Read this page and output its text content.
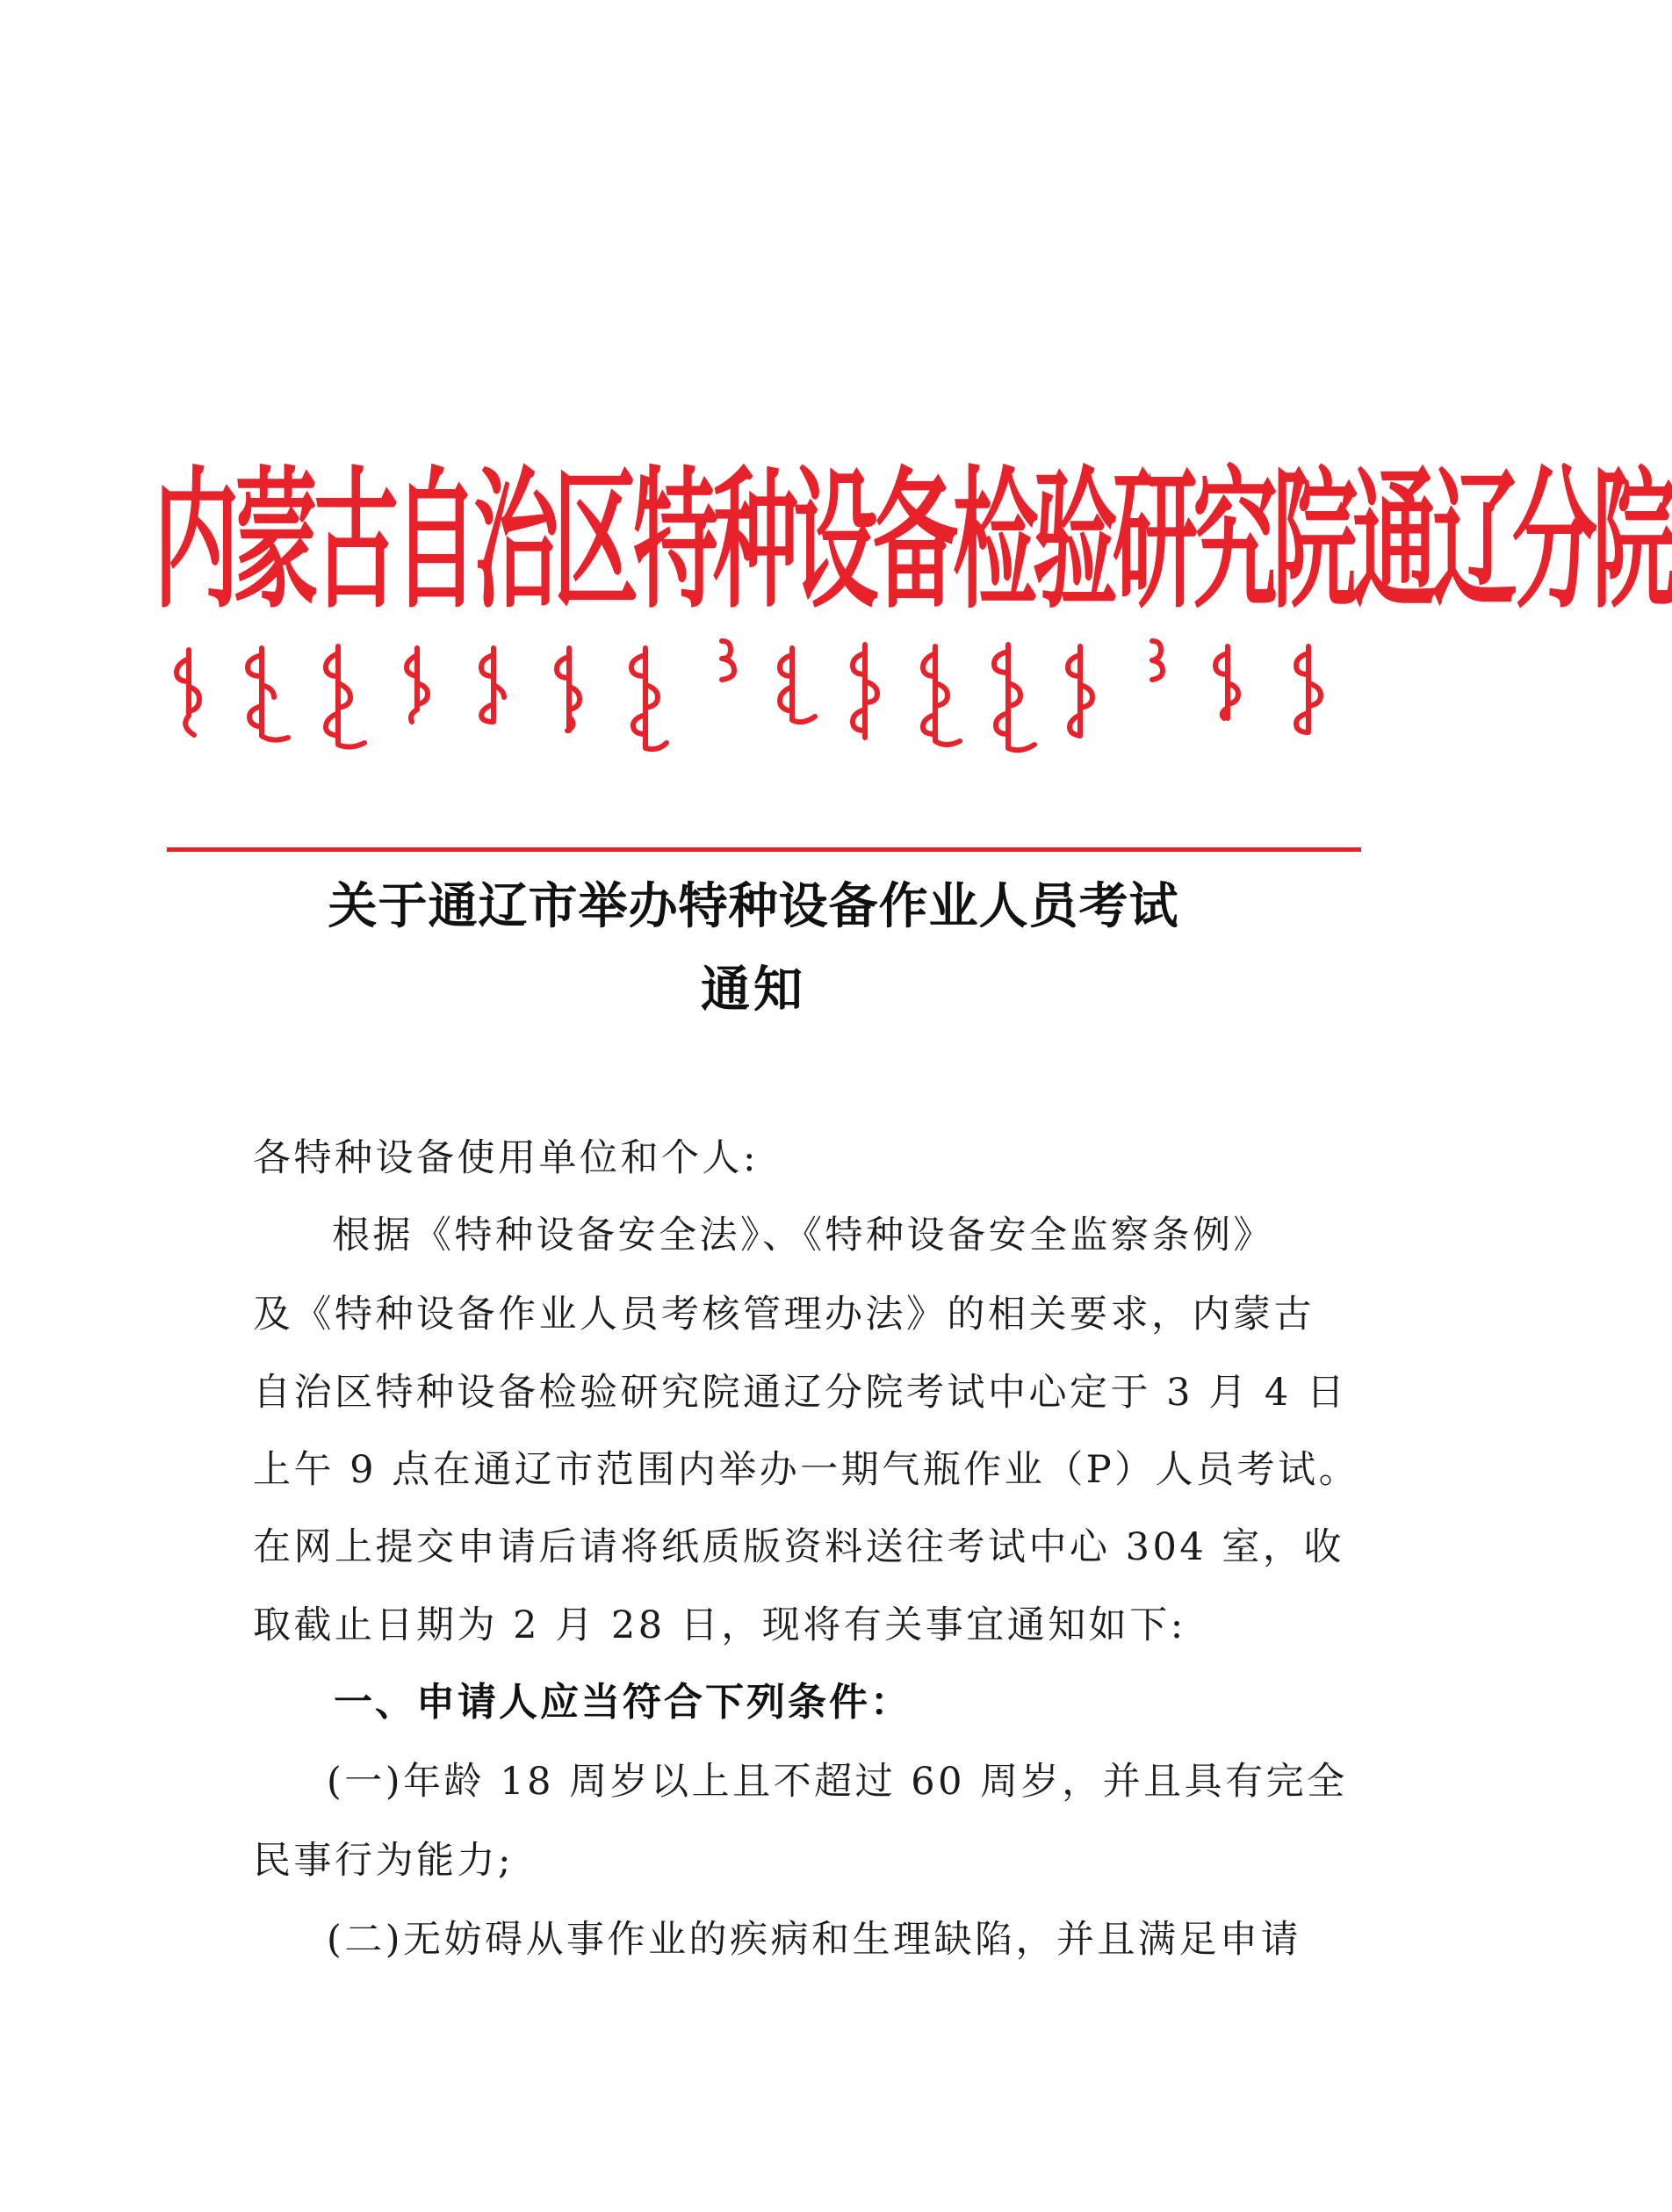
内蒙古自治区特种设备检验研究院通辽分院
关于通辽市举办特种设备作业人员考试
通知
各特种设备使用单位和个人:
根据《特种设备安全法》、《特种设备安全监察条例》
及《特种设备作业人员考核管理办法》的相关要求，内蒙古
自治区特种设备检验研究院通辽分院考试中心定于 3 月 4 日
上午 9 点在通辽市范围内举办一期气瓶作业（P）人员考试。
在网上提交申请后请将纸质版资料送往考试中心 304 室，收
取截止日期为 2 月 28 日，现将有关事宜通知如下:
一、申请人应当符合下列条件：
(一)年龄 18 周岁以上且不超过 60 周岁，并且具有完全
民事行为能力;
(二)无妨碍从事作业的疾病和生理缺陷，并且满足申请
